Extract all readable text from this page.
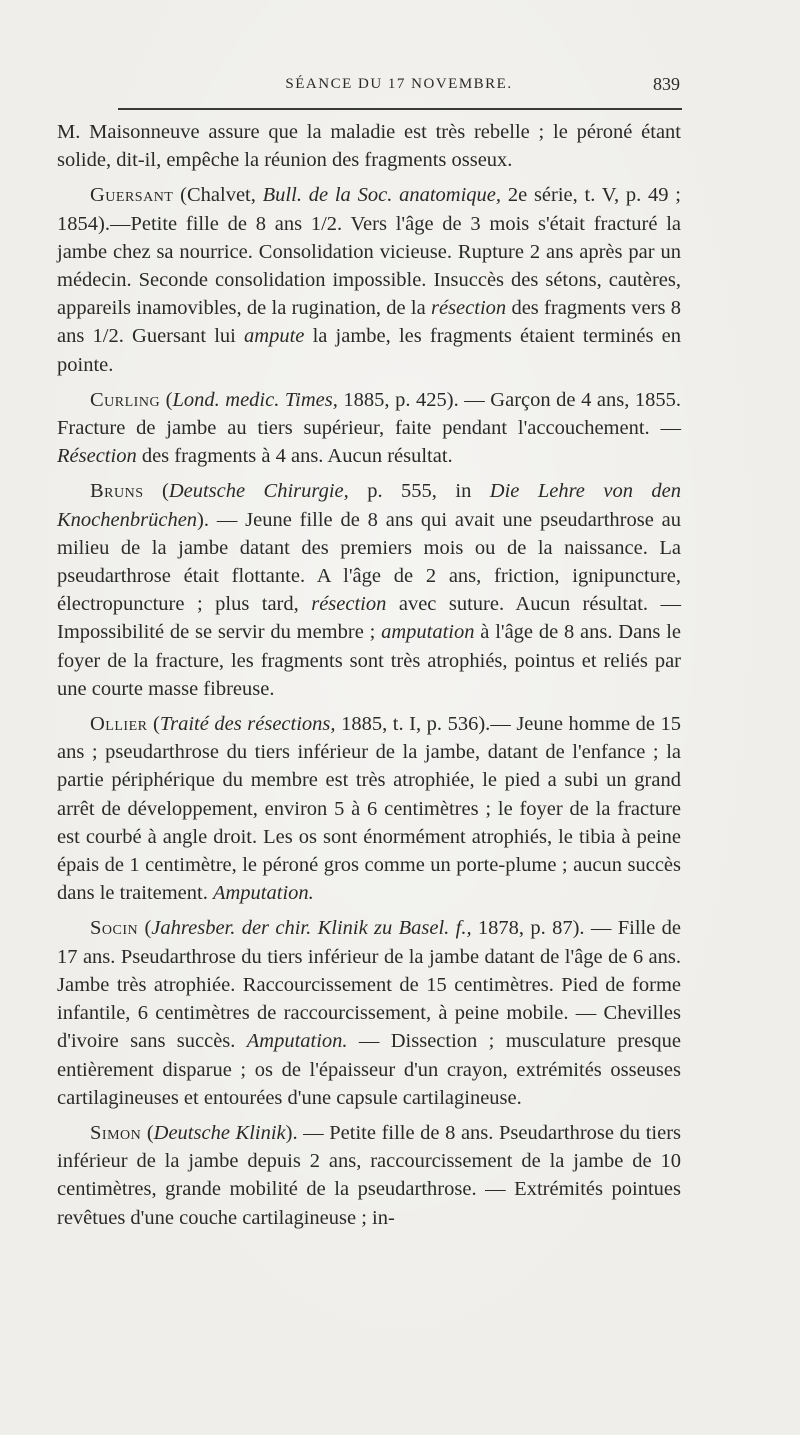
SÉANCE DU 17 NOVEMBRE.	839

M. Maisonneuve assure que la maladie est très rebelle ; le péroné étant solide, dit-il, empêche la réunion des fragments osseux.

Guersant (Chalvet, Bull. de la Soc. anatomique, 2e série, t. V, p. 49 ; 1854).—Petite fille de 8 ans 1/2. Vers l'âge de 3 mois s'était fracturé la jambe chez sa nourrice. Consolidation vicieuse. Rupture 2 ans après par un médecin. Seconde consolidation impossible. Insuccès des sétons, cautères, appareils inamovibles, de la rugination, de la résection des fragments vers 8 ans 1/2. Guersant lui ampute la jambe, les fragments étaient terminés en pointe.

Curling (Lond. medic. Times, 1885, p. 425). — Garçon de 4 ans, 1855. Fracture de jambe au tiers supérieur, faite pendant l'accouchement. — Résection des fragments à 4 ans. Aucun résultat.

Bruns (Deutsche Chirurgie, p. 555, in Die Lehre von den Knochenbrüchen). — Jeune fille de 8 ans qui avait une pseudarthrose au milieu de la jambe datant des premiers mois ou de la naissance. La pseudarthrose était flottante. A l'âge de 2 ans, friction, ignipuncture, électropuncture ; plus tard, résection avec suture. Aucun résultat. — Impossibilité de se servir du membre ; amputation à l'âge de 8 ans. Dans le foyer de la fracture, les fragments sont très atrophiés, pointus et reliés par une courte masse fibreuse.

Ollier (Traité des résections, 1885, t. I, p. 536).— Jeune homme de 15 ans ; pseudarthrose du tiers inférieur de la jambe, datant de l'enfance ; la partie périphérique du membre est très atrophiée, le pied a subi un grand arrêt de développement, environ 5 à 6 centimètres ; le foyer de la fracture est courbé à angle droit. Les os sont énormément atrophiés, le tibia à peine épais de 1 centimètre, le péroné gros comme un porte-plume ; aucun succès dans le traitement. Amputation.

Socin (Jahresber. der chir. Klinik zu Basel. f., 1878, p. 87). — Fille de 17 ans. Pseudarthrose du tiers inférieur de la jambe datant de l'âge de 6 ans. Jambe très atrophiée. Raccourcissement de 15 centimètres. Pied de forme infantile, 6 centimètres de raccourcissement, à peine mobile. — Chevilles d'ivoire sans succès. Amputation. — Dissection ; musculature presque entièrement disparue ; os de l'épaisseur d'un crayon, extrémités osseuses cartilagineuses et entourées d'une capsule cartilagineuse.

Simon (Deutsche Klinik). — Petite fille de 8 ans. Pseudarthrose du tiers inférieur de la jambe depuis 2 ans, raccourcissement de la jambe de 10 centimètres, grande mobilité de la pseudarthrose. — Extrémités pointues revêtues d'une couche cartilagineuse ; in-
